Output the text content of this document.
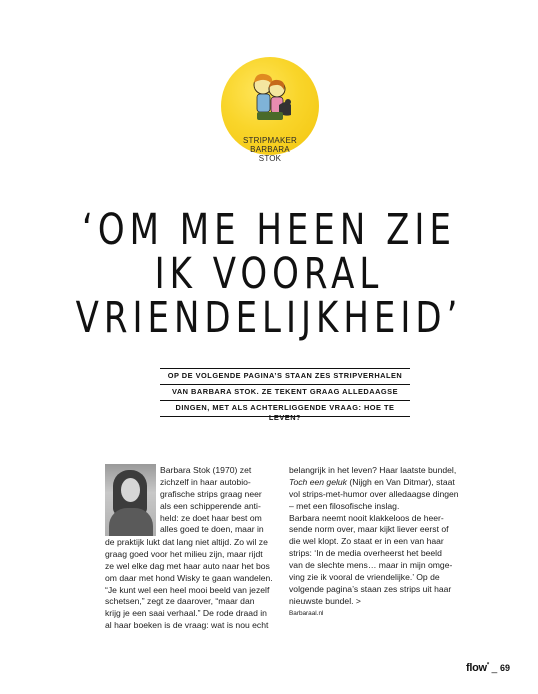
STRIPMAKER
BARBARA
STOK
‘OM ME HEEN ZIE
IK VOORAL
VRIENDELIJKHEID’
OP DE VOLGENDE PAGINA’S STAAN ZES STRIPVERHALEN
VAN BARBARA STOK. ZE TEKENT GRAAG ALLEDAAGSE
DINGEN, MET ALS ACHTERLIGGENDE VRAAG: HOE TE LEVEN?
Barbara Stok (1970) zet
zichzelf in haar autobio-
grafische strips graag neer
als een schipperende anti-
held: ze doet haar best om
alles goed te doen, maar in
de praktijk lukt dat lang niet altijd. Zo wil ze
graag goed voor het milieu zijn, maar rijdt
ze wel elke dag met haar auto naar het bos
om daar met hond Wisky te gaan wandelen.
“Je kunt wel een heel mooi beeld van jezelf
schetsen,” zegt ze daarover, “maar dan
krijg je een saai verhaal.” De rode draad in
al haar boeken is de vraag: wat is nou echt
belangrijk in het leven? Haar laatste bundel,
Toch een geluk (Nijgh en Van Ditmar), staat
vol strips-met-humor over alledaagse dingen
– met een filosofische inslag.
Barbara neemt nooit klakkeloos de heer-
sende norm over, maar kijkt liever eerst of
die wel klopt. Zo staat er in een van haar
strips: ‘In de media overheerst het beeld
van de slechte mens… maar in mijn omge-
ving zie ik vooral de vriendelijke.’ Op de
volgende pagina’s staan zes strips uit haar
nieuwste bundel. >
Barbaraal.nl
flow* _ 69
